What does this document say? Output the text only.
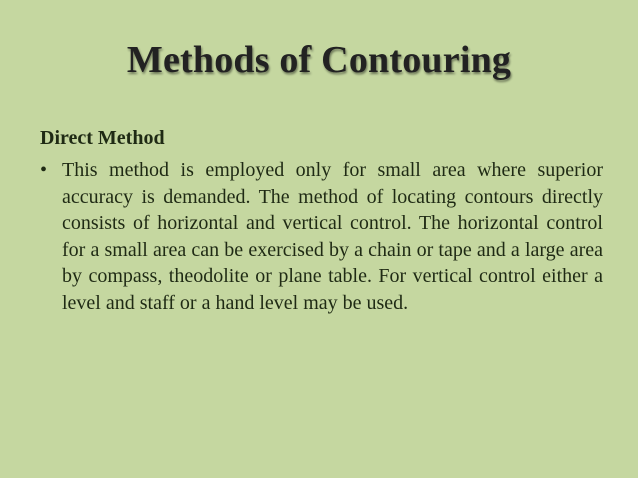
Methods of Contouring
Direct Method
• This method is employed only for small area where superior accuracy is demanded. The method of locating contours directly consists of horizontal and vertical control. The horizontal control for a small area can be exercised by a chain or tape and a large area by compass, theodolite or plane table. For vertical control either a level and staff or a hand level may be used.
